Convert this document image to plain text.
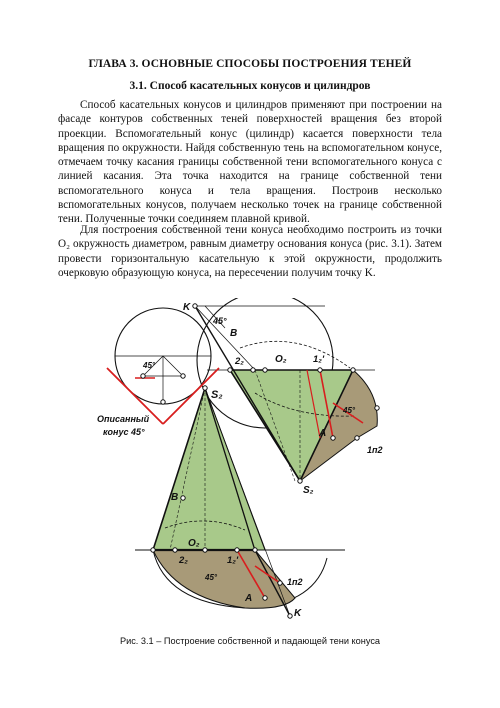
ГЛАВА 3. ОСНОВНЫЕ СПОСОБЫ ПОСТРОЕНИЯ ТЕНЕЙ
3.1. Способ касательных конусов и цилиндров

Способ касательных конусов и цилиндров применяют при построении на фасаде контуров собственных теней поверхностей вращения без второй проекции. Вспомогательный конус (цилиндр) касается поверхности тела вращения по окружности. Найдя собственную тень на вспомогательном конусе, отмечаем точку касания границы собственной тени вспомогательного конуса с линией касания. Эта точка находится на границе собственной тени вспомогательного конуса и тела вращения. Построив несколько вспомогательных конусов, получаем несколько точек на границе собственной тени. Полученные точки соединяем плавной кривой.

Для построения собственной тени конуса необходимо построить из точки O₂ окружность диаметром, равным диаметру основания конуса (рис. 3.1). Затем провести горизонтальную касательную к этой окружности, продолжить очерковую образующую конуса, на пересечении получим точку K.

K
45°
B
2₂	O₂	1₂'
45°
A
1п2
S₂
45°
Описанный
конус 45°
S₂
B
O₂
2₂	1₂'
1п2
45°
A
K
Рис. 3.1 – Построение собственной и падающей тени конуса
